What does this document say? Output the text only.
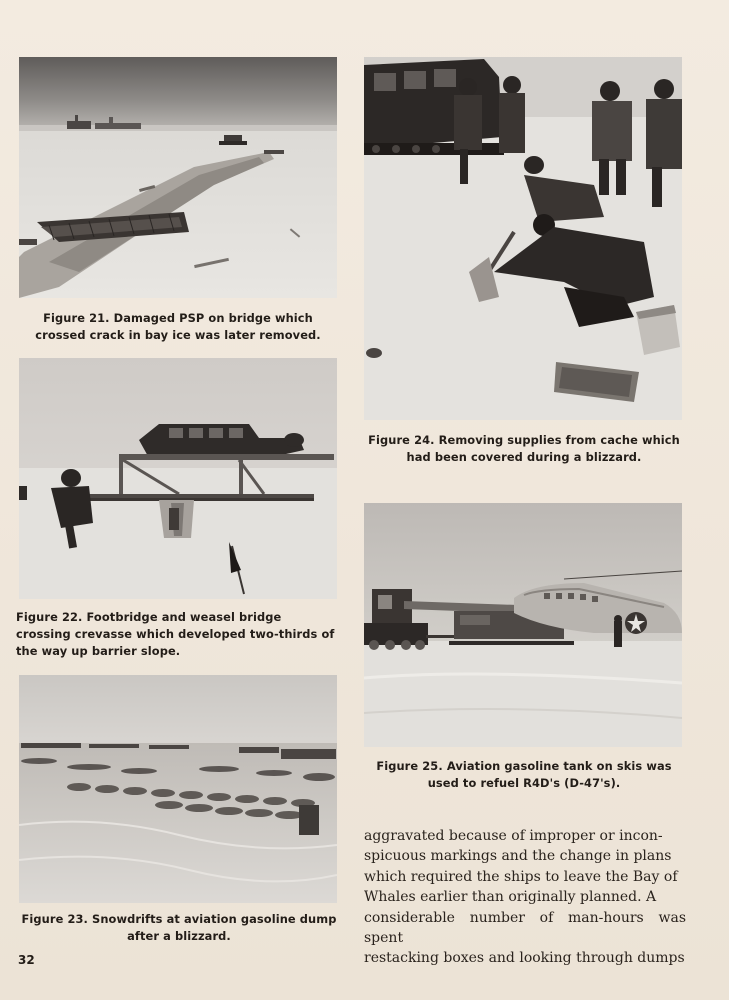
Figure 21. Damaged PSP on bridge which crossed crack in bay ice was later removed.
Figure 22. Footbridge and weasel bridge crossing crevasse which developed two-thirds of the way up barrier slope.
Figure 23. Snowdrifts at aviation gasoline dump after a blizzard.
Figure 24. Removing supplies from cache which had been covered during a blizzard.
Figure 25. Aviation gasoline tank on skis was used to refuel R4D's (D-47's).
aggravated because of improper or incon-
spicuous markings and the change in plans
which required the ships to leave the Bay of
Whales earlier than originally planned. A
considerable number of man-hours was spent
restacking boxes and looking through dumps
32
